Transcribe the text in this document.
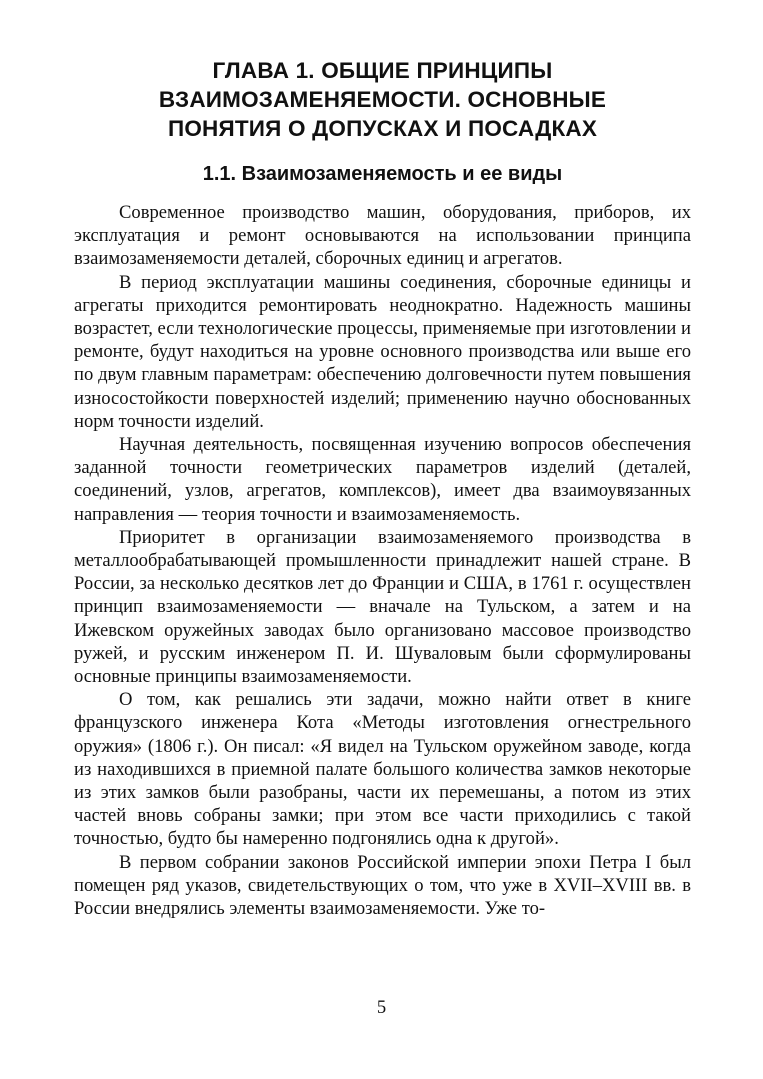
ГЛАВА 1. ОБЩИЕ ПРИНЦИПЫ
ВЗАИМОЗАМЕНЯЕМОСТИ. ОСНОВНЫЕ
ПОНЯТИЯ О ДОПУСКАХ И ПОСАДКАХ
1.1. Взаимозаменяемость и ее виды

Современное производство машин, оборудования, приборов, их эксплуатация и ремонт основываются на использовании принципа взаимозаменяемости деталей, сборочных единиц и агрегатов.

В период эксплуатации машины соединения, сборочные единицы и агрегаты приходится ремонтировать неоднократно. Надежность машины возрастет, если технологические процессы, применяемые при изготовлении и ремонте, будут находиться на уровне основного производства или выше его по двум главным параметрам: обеспечению долговечности путем повышения износостойкости поверхностей изделий; применению научно обоснованных норм точности изделий.

Научная деятельность, посвященная изучению вопросов обеспечения заданной точности геометрических параметров изделий (деталей, соединений, узлов, агрегатов, комплексов), имеет два взаимоувязанных направления — теория точности и взаимозаменяемость.

Приоритет в организации взаимозаменяемого производства в металлообрабатывающей промышленности принадлежит нашей стране. В России, за несколько десятков лет до Франции и США, в 1761 г. осуществлен принцип взаимозаменяемости — вначале на Тульском, а затем и на Ижевском оружейных заводах было организовано массовое производство ружей, и русским инженером П. И. Шуваловым были сформулированы основные принципы взаимозаменяемости.

О том, как решались эти задачи, можно найти ответ в книге французского инженера Кота «Методы изготовления огнестрельного оружия» (1806 г.). Он писал: «Я видел на Тульском оружейном заводе, когда из находившихся в приемной палате большого количества замков некоторые из этих замков были разобраны, части их перемешаны, а потом из этих частей вновь собраны замки; при этом все части приходились с такой точностью, будто бы намеренно подгонялись одна к другой».

В первом собрании законов Российской империи эпохи Петра I был помещен ряд указов, свидетельствующих о том, что уже в XVII–XVIII вв. в России внедрялись элементы взаимозаменяемости. Уже то-

5
